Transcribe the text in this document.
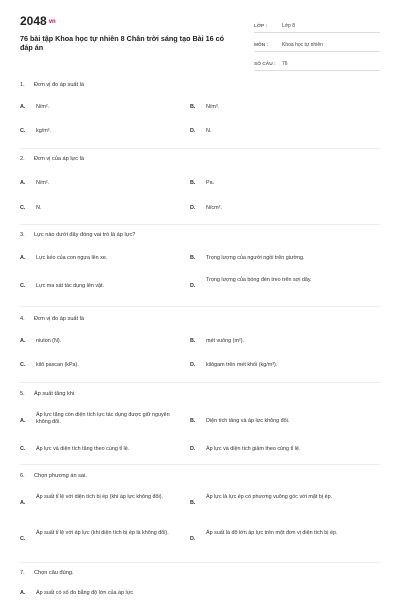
2048 vn
76 bài tập Khoa học tự nhiên 8 Chân trời sáng tạo Bài 16 có đáp án
LỚP :	Lớp 8
MÔN :	Khoa học tự nhiên
SỐ CÂU :	76
1.	Đơn vị đo áp suất là
A.	N/m².	B.	N/m³.
C.	kg/m³.	D.	N.
2.	Đơn vị của áp lực là
A.	N/m².	B.	Pa.
C.	N.	D.	N/cm².
3.	Lực nào dưới đây đóng vai trò là áp lực?
A.	Lực kéo của con ngựa lên xe.	B.	Trọng lượng của người ngồi trên giường.
C.	Lực ma sát tác dụng lên vật.	D.
Trọng lượng của bóng đèn treo trên sợi dây.
4.	Đơn vị đo áp suất là
A.	niuton (N).	B.	mét vuông (m²).
C.	kilô paxcan (kPa).	D.	kilôgam trên mét khối (kg/m³).
5.	Áp suất tăng khi
A.
Áp lực tăng còn diện tích lực tác dụng được giữ nguyên không đổi.	B.	Diện tích tăng và áp lực không đổi.
C.	Áp lực và diện tích tăng theo cùng tỉ lệ.	D.	Áp lực và diện tích giảm theo cùng tỉ lệ.
6.	Chọn phương án sai.
A.
Áp suất tỉ lệ với diện tích bị ép (khi áp lực không đổi).
B.
Áp lực là lực ép có phương vuông góc với mặt bị ép.
C.
Áp suất tỉ lệ với áp lực (khi diện tích bị ép là không đổi).
D.
Áp suất là độ lớn áp lực trên một đơn vị diện tích bị ép.
7.	Chọn câu đúng.
A.	Áp suất có số đo bằng độ lớn của áp lực
